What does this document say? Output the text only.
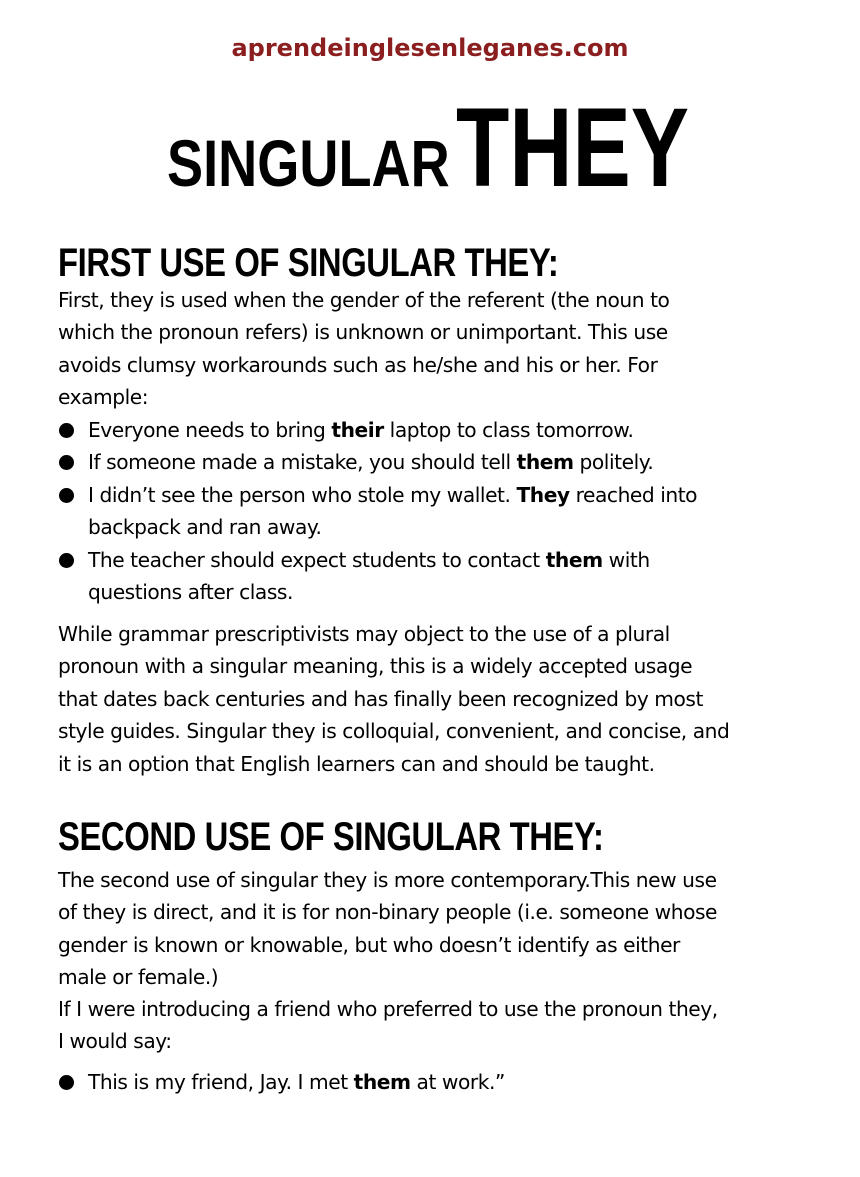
aprendeinglesenleganes.com
SINGULAR THEY
FIRST USE OF SINGULAR THEY:
First, they is used when the gender of the referent (the noun to
which the pronoun refers) is unknown or unimportant. This use
avoids clumsy workarounds such as he/she and his or her. For
example:
Everyone needs to bring their laptop to class tomorrow.
If someone made a mistake, you should tell them politely.
I didn’t see the person who stole my wallet. They reached into
backpack and ran away.
The teacher should expect students to contact them with
questions after class.
While grammar prescriptivists may object to the use of a plural
pronoun with a singular meaning, this is a widely accepted usage
that dates back centuries and has finally been recognized by most
style guides. Singular they is colloquial, convenient, and concise, and
it is an option that English learners can and should be taught.
SECOND USE OF SINGULAR THEY:
The second use of singular they is more contemporary.This new use
of they is direct, and it is for non-binary people (i.e. someone whose
gender is known or knowable, but who doesn’t identify as either
male or female.)
If I were introducing a friend who preferred to use the pronoun they,
I would say:
This is my friend, Jay. I met them at work.”
